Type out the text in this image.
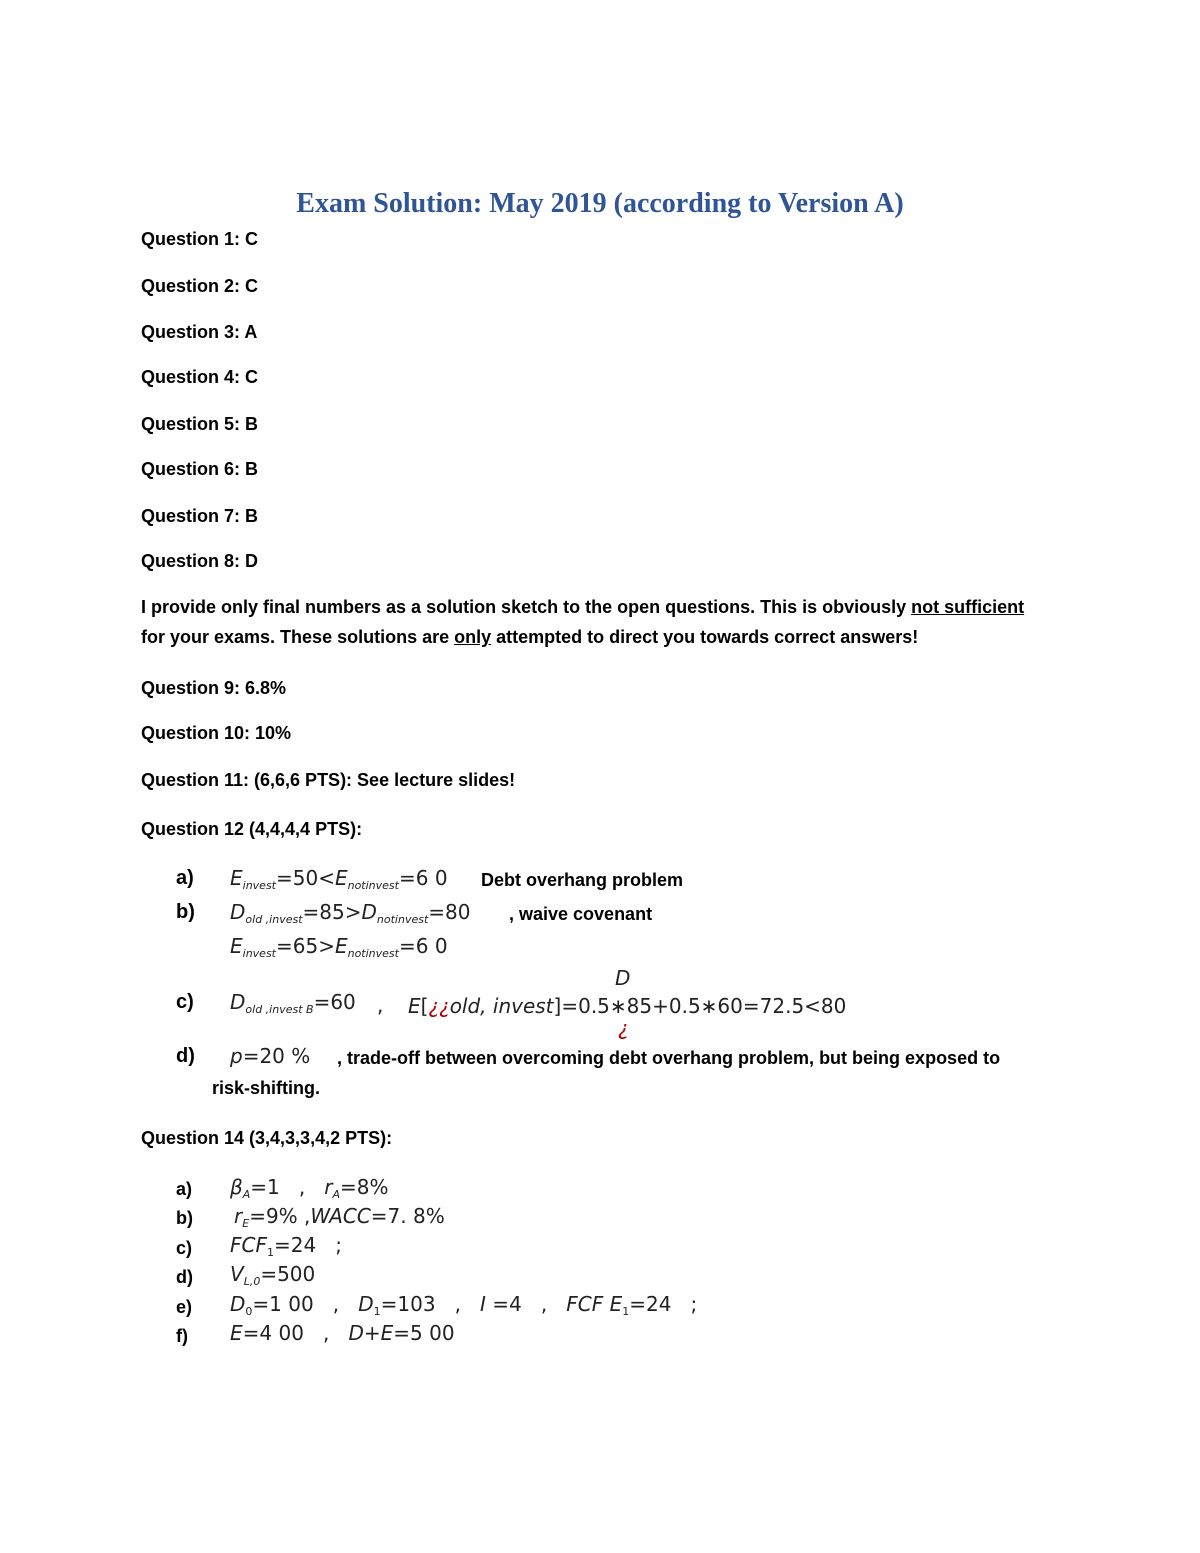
Exam Solution: May 2019 (according to Version A)
Question 1: C
Question 2: C
Question 3: A
Question 4: C
Question 5: B
Question 6: B
Question 7: B
Question 8: D
I provide only final numbers as a solution sketch to the open questions. This is obviously not sufficient
for your exams. These solutions are only attempted to direct you towards correct answers!
Question 9: 6.8%
Question 10: 10%
Question 11: (6,6,6 PTS): See lecture slides!
Question 12 (4,4,4,4 PTS):
a) $E_{invest}=50<E_{notinvest}=6$ 0 Debt overhang problem
b) $D_{old ,invest}=85>D_{notinvest}=80$ , waive covenant
$E_{invest}=65>E_{notinvest}=6$ 0
D
c) $D_{old ,invest B}=60$ , E[¿¿old, invest]=0.5∗85+0.5∗60=72.5<80
¿
d) p=20 % , trade-off between overcoming debt overhang problem, but being exposed to
risk-shifting.
Question 14 (3,4,3,3,4,2 PTS):
a) $\beta_A=1$   ,   $r_A=8\%$
b) $r_E=9\%$ ,WACC=7. 8%
c) $FCF_1=24$   ;
d) $V_{L,0}=500$
e) $D_0=1$ 00   ,   $D_1=103$   ,   I =4   ,   FCF $E_1=24$   ;
f) E=4 00   ,   D+E=5 00
